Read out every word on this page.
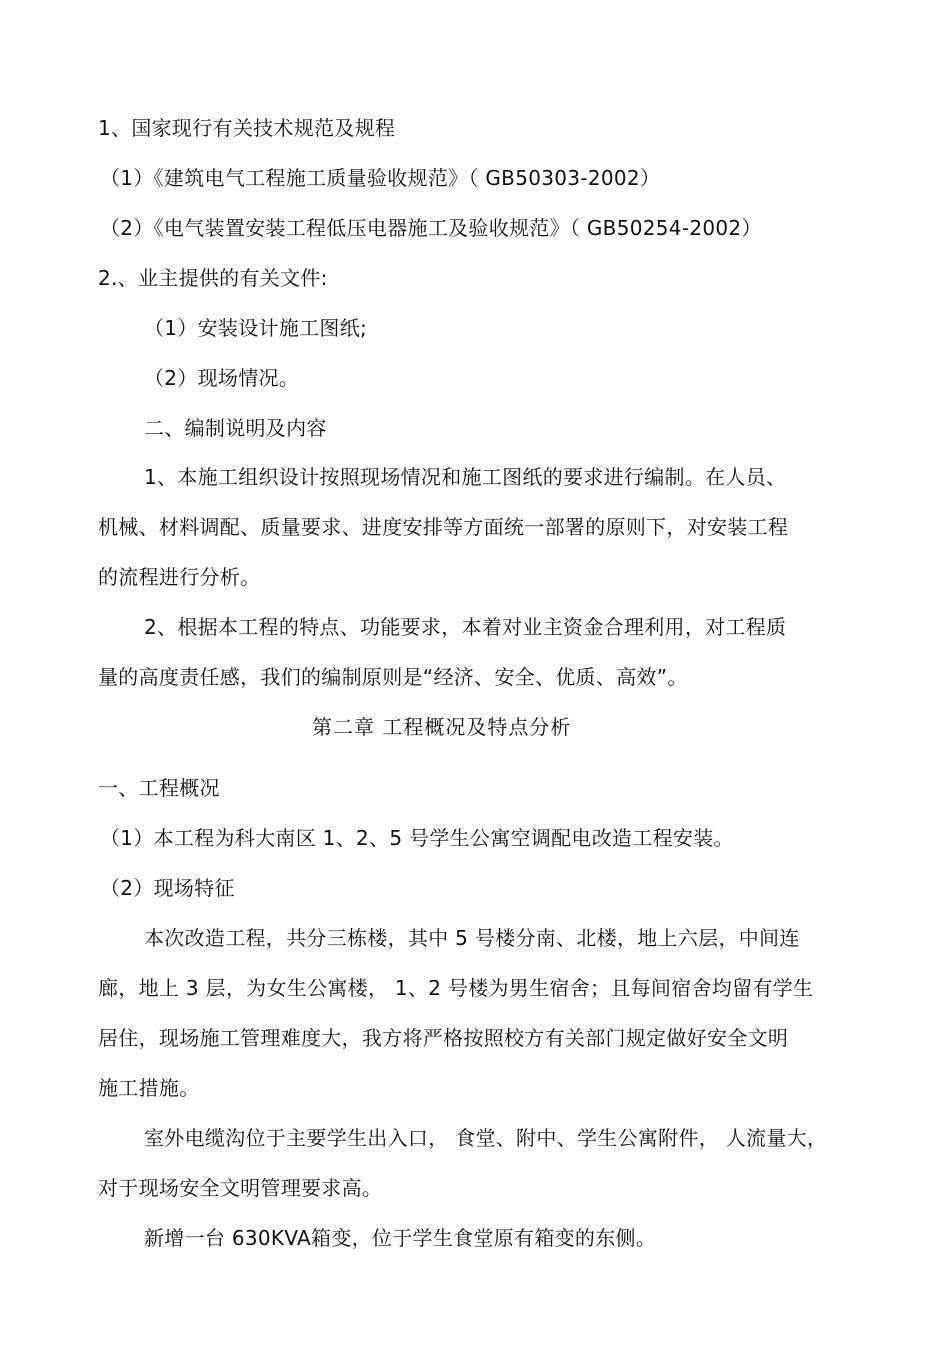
1、国家现行有关技术规范及规程

（1）《建筑电气工程施工质量验收规范》（ GB50303-2002）

（2）《电气装置安装工程低压电器施工及验收规范》（ GB50254-2002）

2.、业主提供的有关文件:

（1）安装设计施工图纸;

（2）现场情况。

二、编制说明及内容

1、本施工组织设计按照现场情况和施工图纸的要求进行编制。在人员、

机械、材料调配、质量要求、进度安排等方面统一部署的原则下，对安装工程

的流程进行分析。

2、根据本工程的特点、功能要求，本着对业主资金合理利用，对工程质

量的高度责任感，我们的编制原则是“经济、安全、优质、高效”。

第二章 工程概况及特点分析

一、工程概况

（1）本工程为科大南区 1、2、5 号学生公寓空调配电改造工程安装。

（2）现场特征

本次改造工程，共分三栋楼，其中 5 号楼分南、北楼，地上六层，中间连

廊，地上 3 层，为女生公寓楼， 1、2 号楼为男生宿舍；且每间宿舍均留有学生

居住，现场施工管理难度大，我方将严格按照校方有关部门规定做好安全文明

施工措施。

室外电缆沟位于主要学生出入口， 食堂、附中、学生公寓附件， 人流量大，

对于现场安全文明管理要求高。

新增一台 630KVA箱变，位于学生食堂原有箱变的东侧。
